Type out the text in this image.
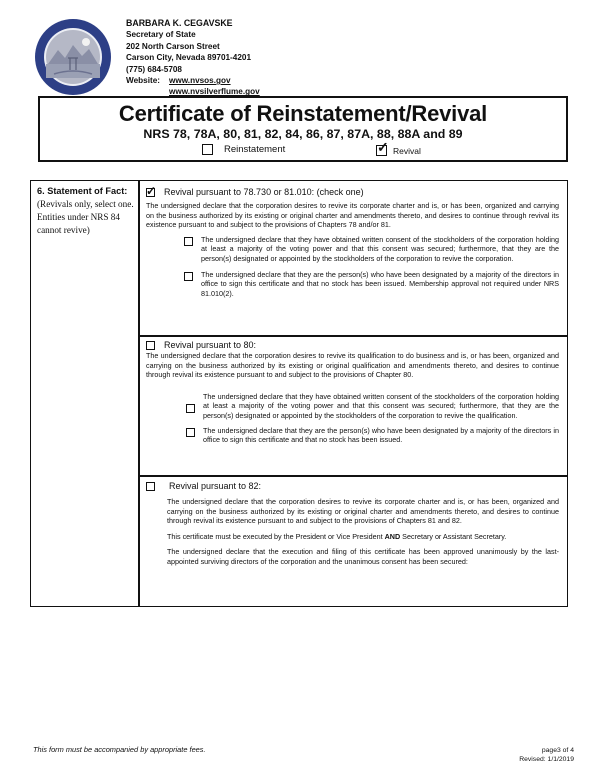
BARBARA K. CEGAVSKE
Secretary of State
202 North Carson Street
Carson City, Nevada 89701-4201
(775) 684-5708
Website:	www.nvsos.gov
www.nvsilverflume.gov
Certificate of Reinstatement/Revival
NRS 78, 78A, 80, 81, 82, 84, 86, 87, 87A, 88, 88A and 89
Reinstatement	✓ Revival
6. Statement of Fact:
(Revivals only, select one. Entities under NRS 84 cannot revive)
✓ Revival pursuant to 78.730 or 81.010: (check one)
The undersigned declare that the corporation desires to revive its corporate charter and is, or has been, organized and carrying on the business authorized by its existing or original charter and amendments thereto, and desires to continue through revival its existence pursuant to and subject to the provisions of Chapters 78 and/or 81.
The undersigned declare that they have obtained written consent of the stockholders of the corporation holding at least a majority of the voting power and that this consent was secured; furthermore, that they are the person(s) designated or appointed by the stockholders of the corporation to revive the corporation.
The undersigned declare that they are the person(s) who have been designated by a majority of the directors in office to sign this certificate and that no stock has been issued. Membership approval not required under NRS 81.010(2).
Revival pursuant to 80:
The undersigned declare that the corporation desires to revive its qualification to do business and is, or has been, organized and carrying on the business authorized by its existing or original qualification and amendments thereto, and desires to continue through revival its existence pursuant to and subject to the provisions of Chapter 80.
The undersigned declare that they have obtained written consent of the stockholders of the corporation holding at least a majority of the voting power and that this consent was secured; furthermore, that they are the person(s) designated or appointed by the stockholders of the corporation to revive the qualification.
The undersigned declare that they are the person(s) who have been designated by a majority of the directors in office to sign this certificate and that no stock has been issued.
Revival pursuant to 82:
The undersigned declare that the corporation desires to revive its corporate charter and is, or has been, organized and carrying on the business authorized by its existing or original charter and amendments thereto, and desires to continue through revival its existence pursuant to and subject to the provisions of Chapters 81 and 82.
This certificate must be executed by the President or Vice President AND Secretary or Assistant Secretary.
The undersigned declare that the execution and filing of this certificate has been approved unanimously by the last-appointed surviving directors of the corporation and the unanimous consent has been secured:
This form must be accompanied by appropriate fees.	page3 of 4
Revised: 1/1/2019
